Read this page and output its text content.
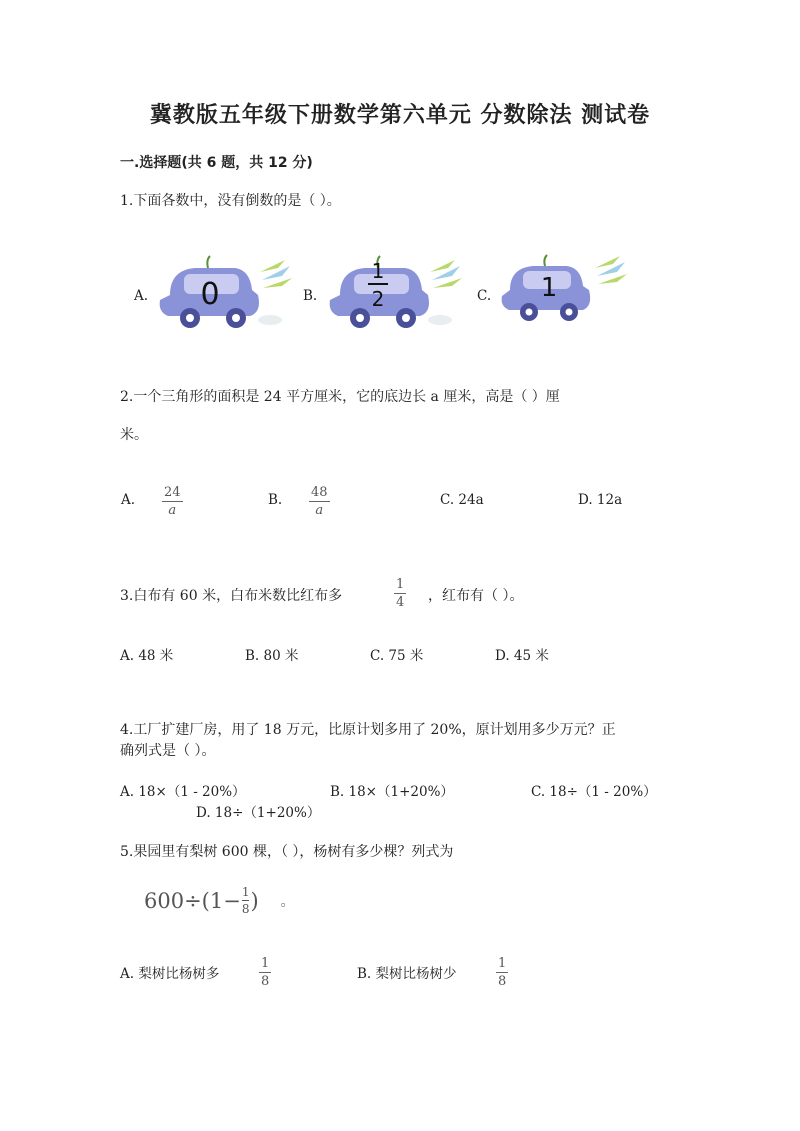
冀教版五年级下册数学第六单元 分数除法 测试卷
一.选择题(共 6 题，共 12 分)
1.下面各数中，没有倒数的是（ ）。
A. 0	B.
1
2	C. 1
2.一个三角形的面积是 24 平方厘米，它的底边长 a 厘米，高是（ ）厘
米。
A. 24
a
B. 48
a
C. 24a	D. 12a
3.白布有 60 米，白布米数比红布多
1
4 ，红布有（ ）。
A. 48 米	B. 80 米	C. 75 米	D. 45 米
4.工厂扩建厂房，用了 18 万元，比原计划多用了 20%，原计划用多少万元？正
确列式是（ ）。
A. 18×（1 - 20%）	B. 18×（1+20%）	C. 18÷（1 - 20%）
D. 18÷（1+20%）
5.果园里有梨树 600 棵，（ ），杨树有多少棵？列式为
$600\div(1- \frac{1}{8}$ ) 。
A. 梨树比杨树多
1
8	B. 梨树比杨树少
1
8
